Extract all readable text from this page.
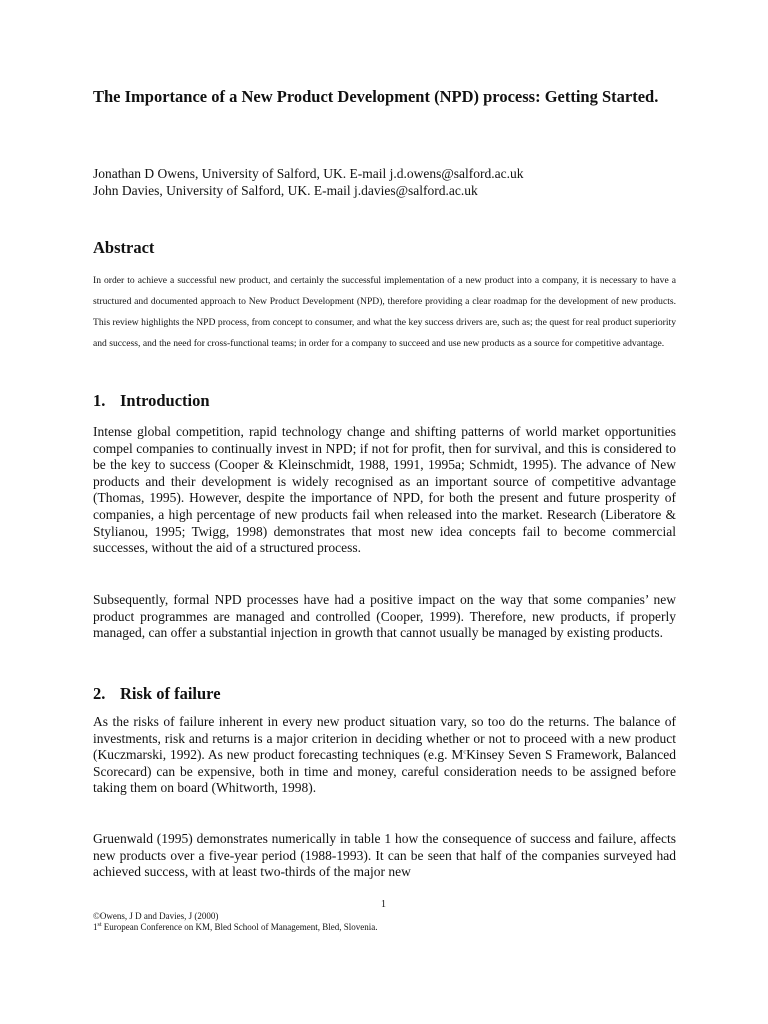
The Importance of a New Product Development (NPD) process: Getting Started.
Jonathan D Owens, University of Salford, UK. E-mail j.d.owens@salford.ac.uk
John Davies, University of Salford, UK. E-mail j.davies@salford.ac.uk
Abstract

In order to achieve a successful new product, and certainly the successful implementation of a new product into a company, it is necessary to have a structured and documented approach to New Product Development (NPD), therefore providing a clear roadmap for the development of new products. This review highlights the NPD process, from concept to consumer, and what the key success drivers are, such as; the quest for real product superiority and success, and the need for cross-functional teams; in order for a company to succeed and use new products as a source for competitive advantage.

1. Introduction

Intense global competition, rapid technology change and shifting patterns of world market opportunities compel companies to continually invest in NPD; if not for profit, then for survival, and this is considered to be the key to success (Cooper & Kleinschmidt, 1988, 1991, 1995a; Schmidt, 1995). The advance of New products and their development is widely recognised as an important source of competitive advantage (Thomas, 1995). However, despite the importance of NPD, for both the present and future prosperity of companies, a high percentage of new products fail when released into the market. Research (Liberatore & Stylianou, 1995; Twigg, 1998) demonstrates that most new idea concepts fail to become commercial successes, without the aid of a structured process.

Subsequently, formal NPD processes have had a positive impact on the way that some companies’ new product programmes are managed and controlled (Cooper, 1999). Therefore, new products, if properly managed, can offer a substantial injection in growth that cannot usually be managed by existing products.

2. Risk of failure

As the risks of failure inherent in every new product situation vary, so too do the returns. The balance of investments, risk and returns is a major criterion in deciding whether or not to proceed with a new product (Kuczmarski, 1992). As new product forecasting techniques (e.g. $M^cKinsey$ Seven S Framework, Balanced Scorecard) can be expensive, both in time and money, careful consideration needs to be assigned before taking them on board (Whitworth, 1998).

Gruenwald (1995) demonstrates numerically in table 1 how the consequence of success and failure, affects new products over a five-year period (1988-1993). It can be seen that half of the companies surveyed had achieved success, with at least two-thirds of the major new

1
©Owens, J D and Davies, J (2000)
1st European Conference on KM, Bled School of Management, Bled, Slovenia.
